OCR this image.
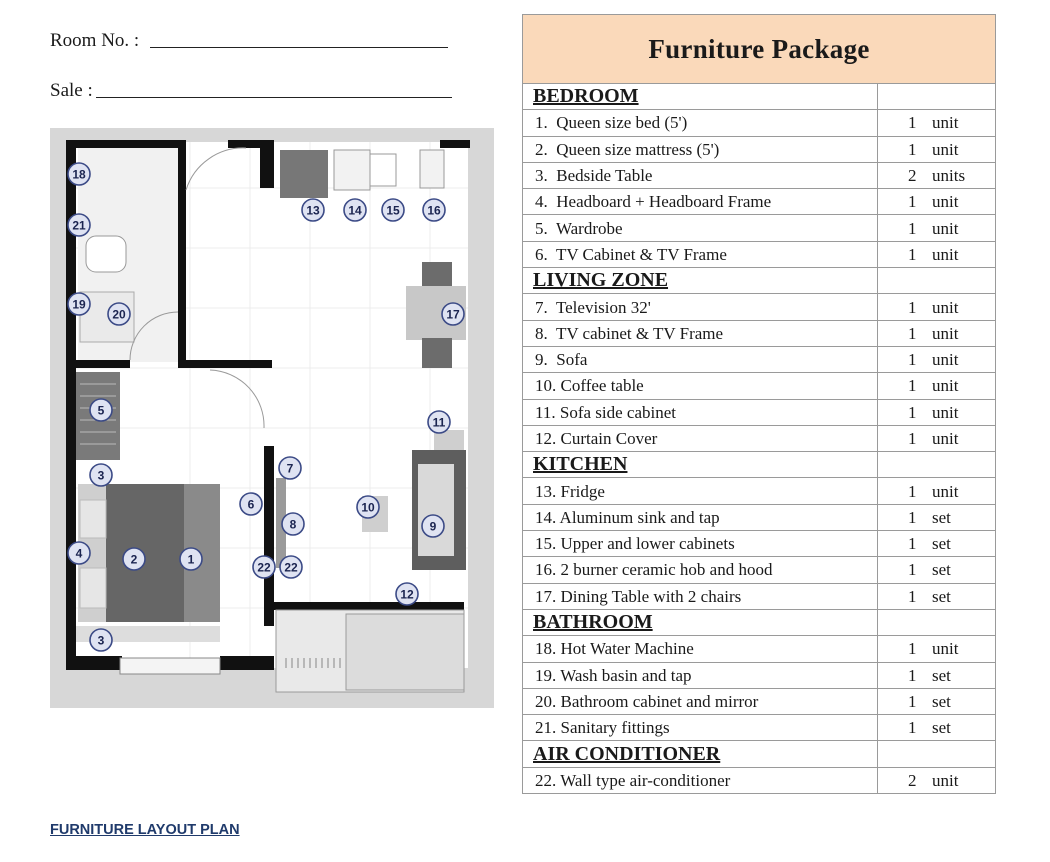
Room No. :
Sale :
Furniture Package	
BEDROOM	
1.  Queen size bed (5')	1 unit
2.  Queen size mattress (5')	1 unit
3.  Bedside Table	2 units
4.  Headboard + Headboard Frame	1 unit
5.  Wardrobe	1 unit
6.  TV Cabinet & TV Frame	1 unit
LIVING ZONE	
7.  Television 32'	1 unit
8.  TV cabinet & TV Frame	1 unit
9.  Sofa	1 unit
10. Coffee table	1 unit
11. Sofa side cabinet	1 unit
12. Curtain Cover	1 unit
KITCHEN	
13. Fridge	1 unit
14. Aluminum sink and tap	1 set
15. Upper and lower cabinets	1 set
16. 2 burner ceramic hob and hood	1 set
17. Dining Table with 2 chairs	1 set
BATHROOM	
18. Hot Water Machine	1 unit
19. Wash basin and tap	1 set
20. Bathroom cabinet and mirror	1 set
21. Sanitary fittings	1 set
AIR CONDITIONER	
22. Wall type air-conditioner	2 unit
18
21
19
20
13 14 15 16
17
5
3
11
7
6	10
8	9
4	2	1
22 22
12
3
FURNITURE LAYOUT PLAN
